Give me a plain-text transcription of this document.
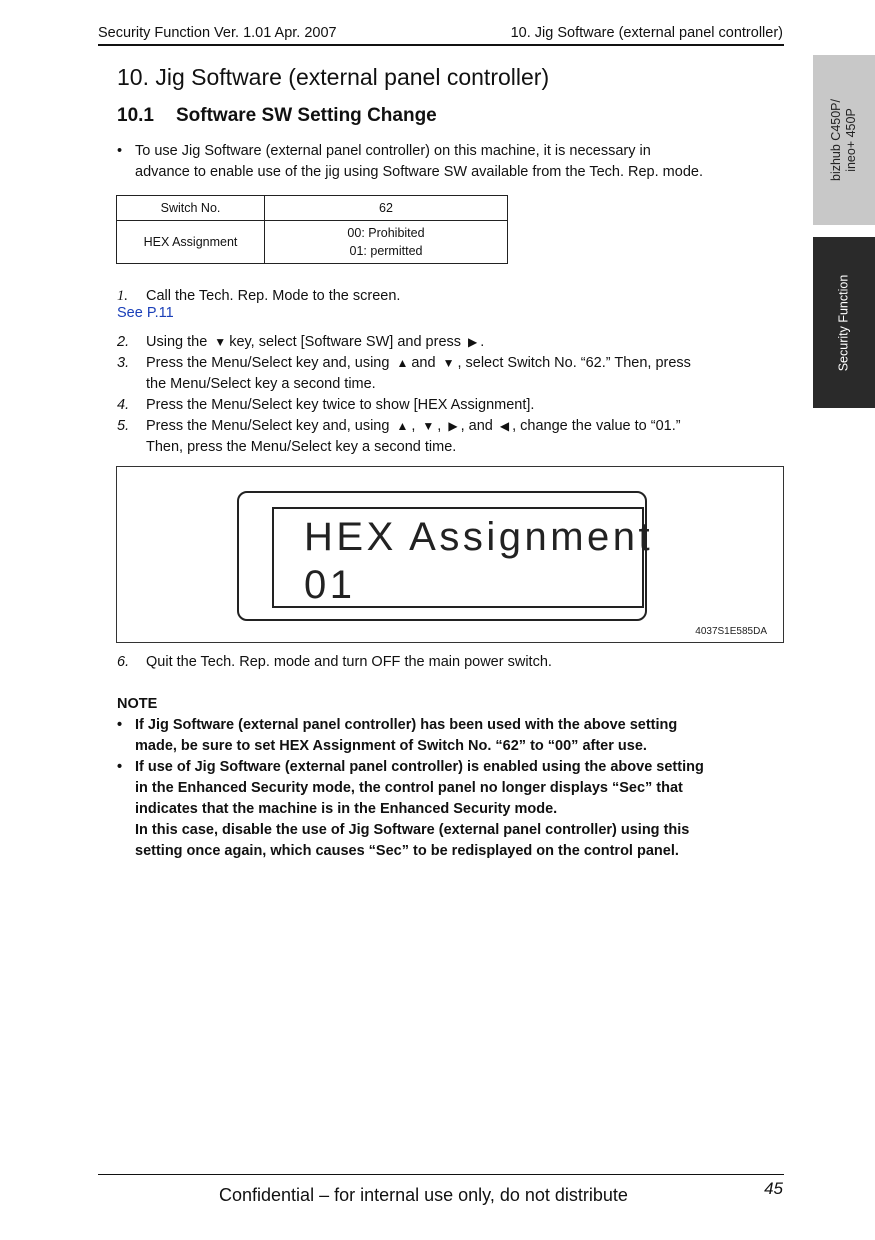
Security Function Ver. 1.01 Apr. 2007	10. Jig Software (external panel controller)
bizhub C450P/ ineo+ 450P
Security Function
10. Jig Software (external panel controller)
10.1 Software SW Setting Change
• To use Jig Software (external panel controller) on this machine, it is necessary in
advance to enable use of the jig using Software SW available from the Tech. Rep. mode.
Switch No.	62
HEX Assignment	00: Prohibited
01: permitted
1. Call the Tech. Rep. Mode to the screen.
See P.11
2. Using the ▼ key, select [Software SW] and press ▶ .
3. Press the Menu/Select key and, using ▲ and ▼ , select Switch No. “62.” Then, press
the Menu/Select key a second time.
4. Press the Menu/Select key twice to show [HEX Assignment].
5. Press the Menu/Select key and, using ▲ , ▼ , ▶ , and ◀ , change the value to “01.”
Then, press the Menu/Select key a second time.
HEX Assignment
01
4037S1E585DA
6. Quit the Tech. Rep. mode and turn OFF the main power switch.
NOTE
• If Jig Software (external panel controller) has been used with the above setting
made, be sure to set HEX Assignment of Switch No. “62” to “00” after use.
• If use of Jig Software (external panel controller) is enabled using the above setting
in the Enhanced Security mode, the control panel no longer displays “Sec” that
indicates that the machine is in the Enhanced Security mode.
In this case, disable the use of Jig Software (external panel controller) using this
setting once again, which causes “Sec” to be redisplayed on the control panel.
Confidential – for internal use only, do not distribute	45
